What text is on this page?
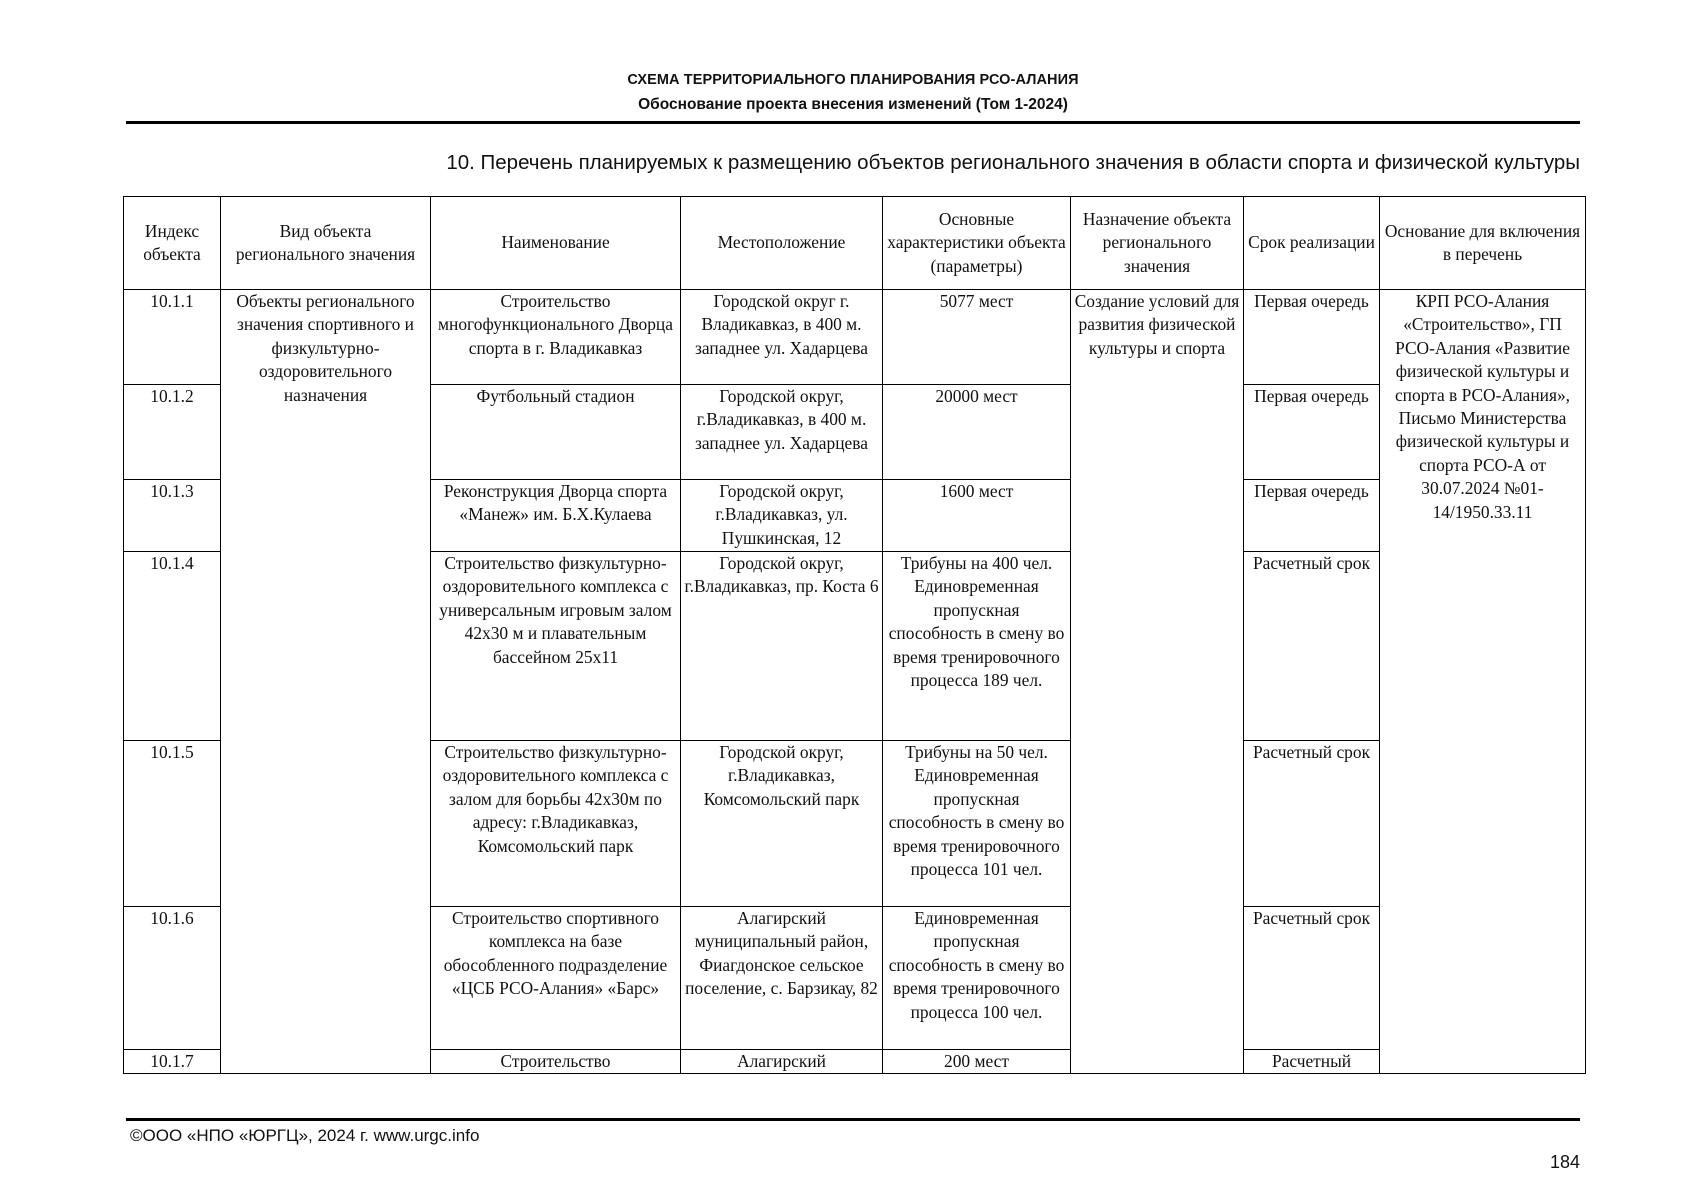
СХЕМА ТЕРРИТОРИАЛЬНОГО ПЛАНИРОВАНИЯ РСО-АЛАНИЯ
Обоснование проекта внесения изменений (Том 1-2024)
10. Перечень планируемых к размещению объектов регионального значения в области спорта и физической культуры
Индекс объекта	Вид объекта регионального значения	Наименование	Местоположение	Основные характеристики объекта (параметры)	Назначение объекта регионального значения	Срок реализации	Основание для включения в перечень
10.1.1	Объекты регионального значения спортивного и физкультурно-оздоровительного назначения	Строительство многофункционального Дворца спорта в г. Владикавказ	Городской округ г. Владикавказ, в 400 м. западнее ул. Хадарцева	5077 мест	Создание условий для развития физической культуры и спорта	Первая очередь	КРП РСО-Алания «Строительство», ГП РСО-Алания «Развитие физической культуры и спорта в РСО-Алания», Письмо Министерства физической культуры и спорта РСО-А от 30.07.2024 №01-14/1950.33.11
10.1.2		Футбольный стадион	Городской округ, г.Владикавказ, в 400 м. западнее ул. Хадарцева	20000 мест		Первая очередь	
10.1.3		Реконструкция Дворца спорта «Манеж» им. Б.Х.Кулаева	Городской округ, г.Владикавказ, ул. Пушкинская, 12	1600 мест		Первая очередь	
10.1.4		Строительство физкультурно-оздоровительного комплекса с универсальным игровым залом 42х30 м и плавательным бассейном 25х11	Городской округ, г.Владикавказ, пр. Коста 6	Трибуны на 400 чел. Единовременная пропускная способность в смену во время тренировочного процесса 189 чел.		Расчетный срок	
10.1.5		Строительство физкультурно-оздоровительного комплекса с залом для борьбы 42х30м по адресу: г.Владикавказ, Комсомольский парк	Городской округ, г.Владикавказ, Комсомольский парк	Трибуны на 50 чел. Единовременная пропускная способность в смену во время тренировочного процесса 101 чел.		Расчетный срок	
10.1.6		Строительство спортивного комплекса на базе обособленного подразделение «ЦСБ РСО-Алания» «Барс»	Алагирский муниципальный район, Фиагдонское сельское поселение, с. Барзикау, 82	Единовременная пропускная способность в смену во время тренировочного процесса 100 чел.		Расчетный срок	
10.1.7		Строительство	Алагирский	200 мест		Расчетный	
©ООО «НПО «ЮРГЦ», 2024 г. www.urgc.info
184
